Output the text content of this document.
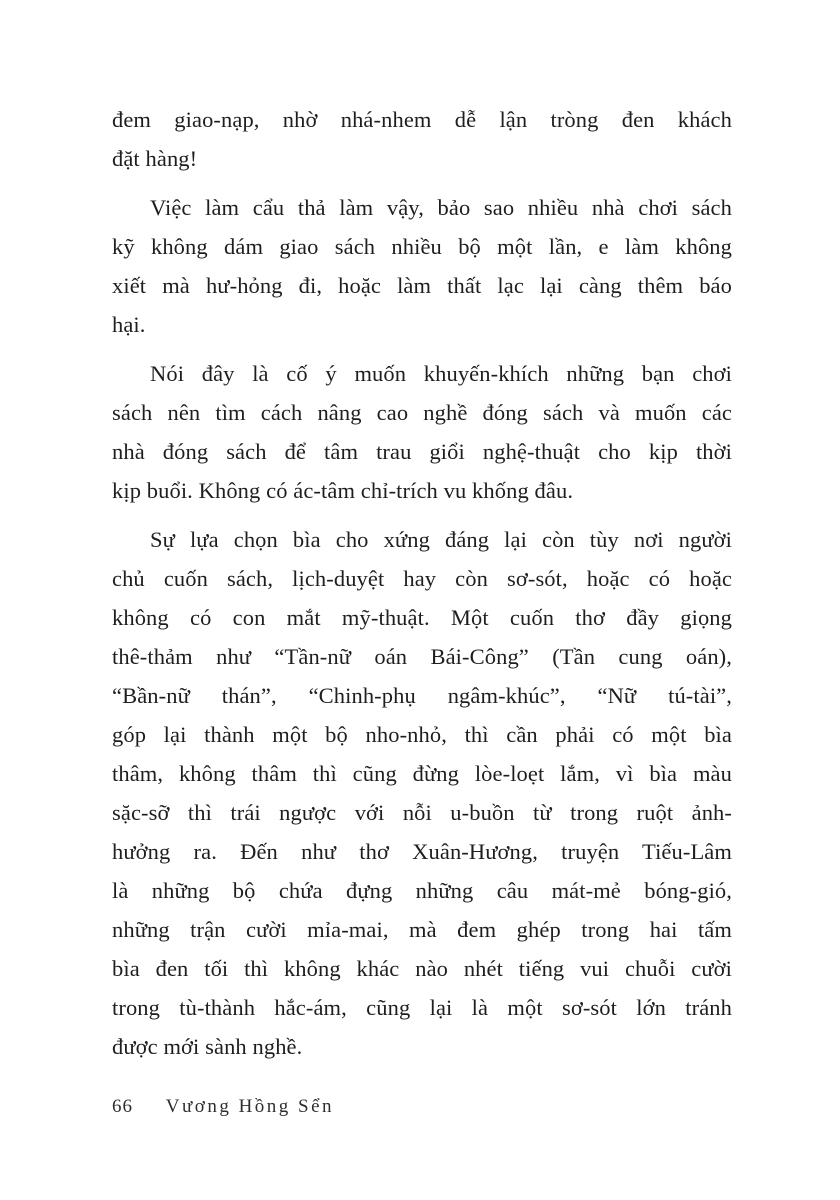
đem giao-nạp, nhờ nhá-nhem dễ lận tròng đen khách
đặt hàng!
Việc làm cẩu thả làm vậy, bảo sao nhiều nhà chơi sách
kỹ không dám giao sách nhiều bộ một lần, e làm không
xiết mà hư-hỏng đi, hoặc làm thất lạc lại càng thêm báo
hại.
Nói đây là cố ý muốn khuyến-khích những bạn chơi
sách nên tìm cách nâng cao nghề đóng sách và muốn các
nhà đóng sách để tâm trau giổi nghệ-thuật cho kịp thời
kịp buổi. Không có ác-tâm chỉ-trích vu khống đâu.
Sự lựa chọn bìa cho xứng đáng lại còn tùy nơi người
chủ cuốn sách, lịch-duyệt hay còn sơ-sót, hoặc có hoặc
không có con mắt mỹ-thuật. Một cuốn thơ đầy giọng
thê-thảm như “Tần-nữ oán Bái-Công” (Tần cung oán),
“Bần-nữ thán”, “Chinh-phụ ngâm-khúc”, “Nữ tú-tài”,
góp lại thành một bộ nho-nhỏ, thì cần phải có một bìa
thâm, không thâm thì cũng đừng lòe-loẹt lắm, vì bìa màu
sặc-sỡ thì trái ngược với nỗi u-buồn từ trong ruột ảnh-
hưởng ra. Đến như thơ Xuân-Hương, truyện Tiếu-Lâm
là những bộ chứa đựng những câu mát-mẻ bóng-gió,
những trận cười mỉa-mai, mà đem ghép trong hai tấm
bìa đen tối thì không khác nào nhét tiếng vui chuỗi cười
trong tù-thành hắc-ám, cũng lại là một sơ-sót lớn tránh
được mới sành nghề.
66 Vương Hồng Sển
